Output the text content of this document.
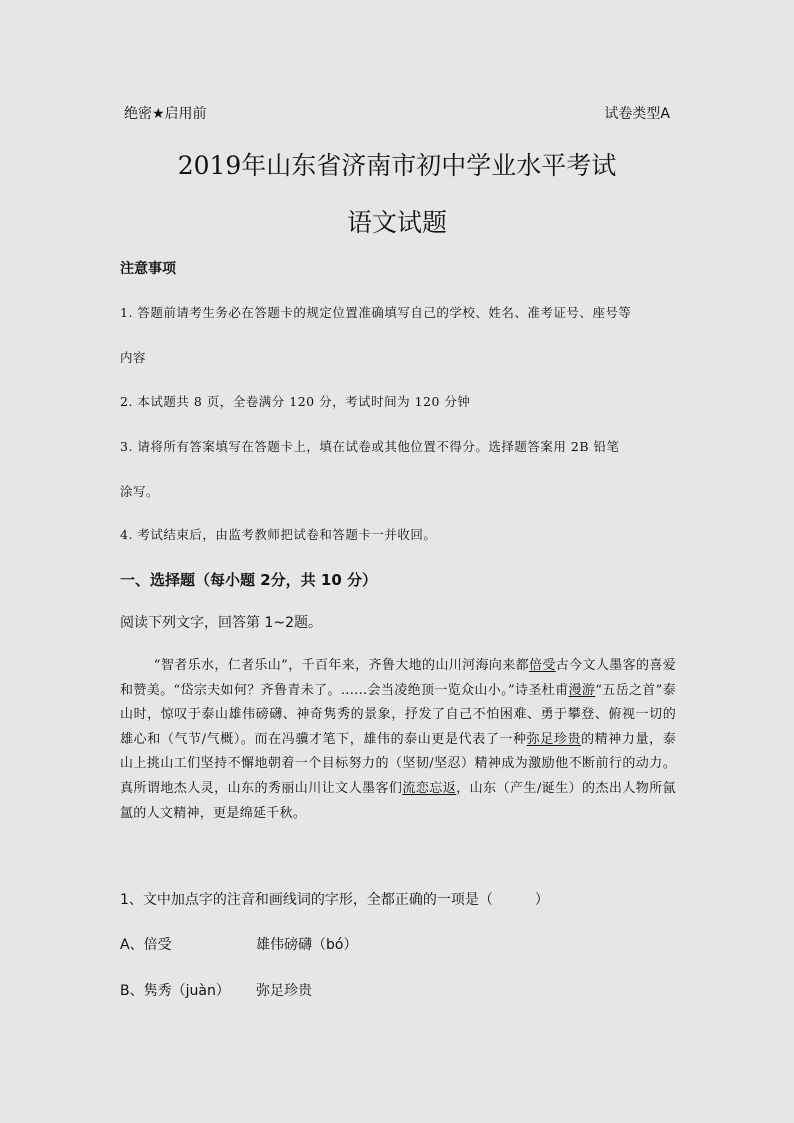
绝密★启用前	试卷类型A
2019年山东省济南市初中学业水平考试
语文试题
注意事项
1. 答题前请考生务必在答题卡的规定位置准确填写自己的学校、姓名、准考证号、座号等
内容
2. 本试题共 8 页，全卷满分 120 分，考试时间为 120 分钟
3. 请将所有答案填写在答题卡上，填在试卷或其他位置不得分。选择题答案用 2B 铅笔
涂写。
4. 考试结束后，由监考教师把试卷和答题卡一并收回。
一、选择题（每小题 2分，共 10 分）
阅读下列文字，回答第 1~2题。
“智者乐水，仁者乐山”，千百年来，齐鲁大地的山川河海向来都倍受古今文人墨客的喜爱和赞美。“岱宗夫如何？齐鲁青未了。......会当凌绝顶一览众山小。”诗圣杜甫漫游“五岳之首”泰山时，惊叹于泰山雄伟磅礴、神奇隽秀的景象，抒发了自己不怕困难、勇于攀登、俯视一切的雄心和（气节/气概）。而在冯骥才笔下，雄伟的泰山更是代表了一种弥足珍贵的精神力量，泰山上挑山工们坚持不懈地朝着一个目标努力的（坚韧/坚忍）精神成为激励他不断前行的动力。真所谓地杰人灵，山东的秀丽山川让文人墨客们流恋忘返，山东（产生/诞生）的杰出人物所氤氲的人文精神，更是绵延千秋。
1、文中加点字的注音和画线词的字形，全都正确的一项是（　　　）
A、倍受	雄伟磅礴（bó）
B、隽秀（juàn） 弥足珍贵
